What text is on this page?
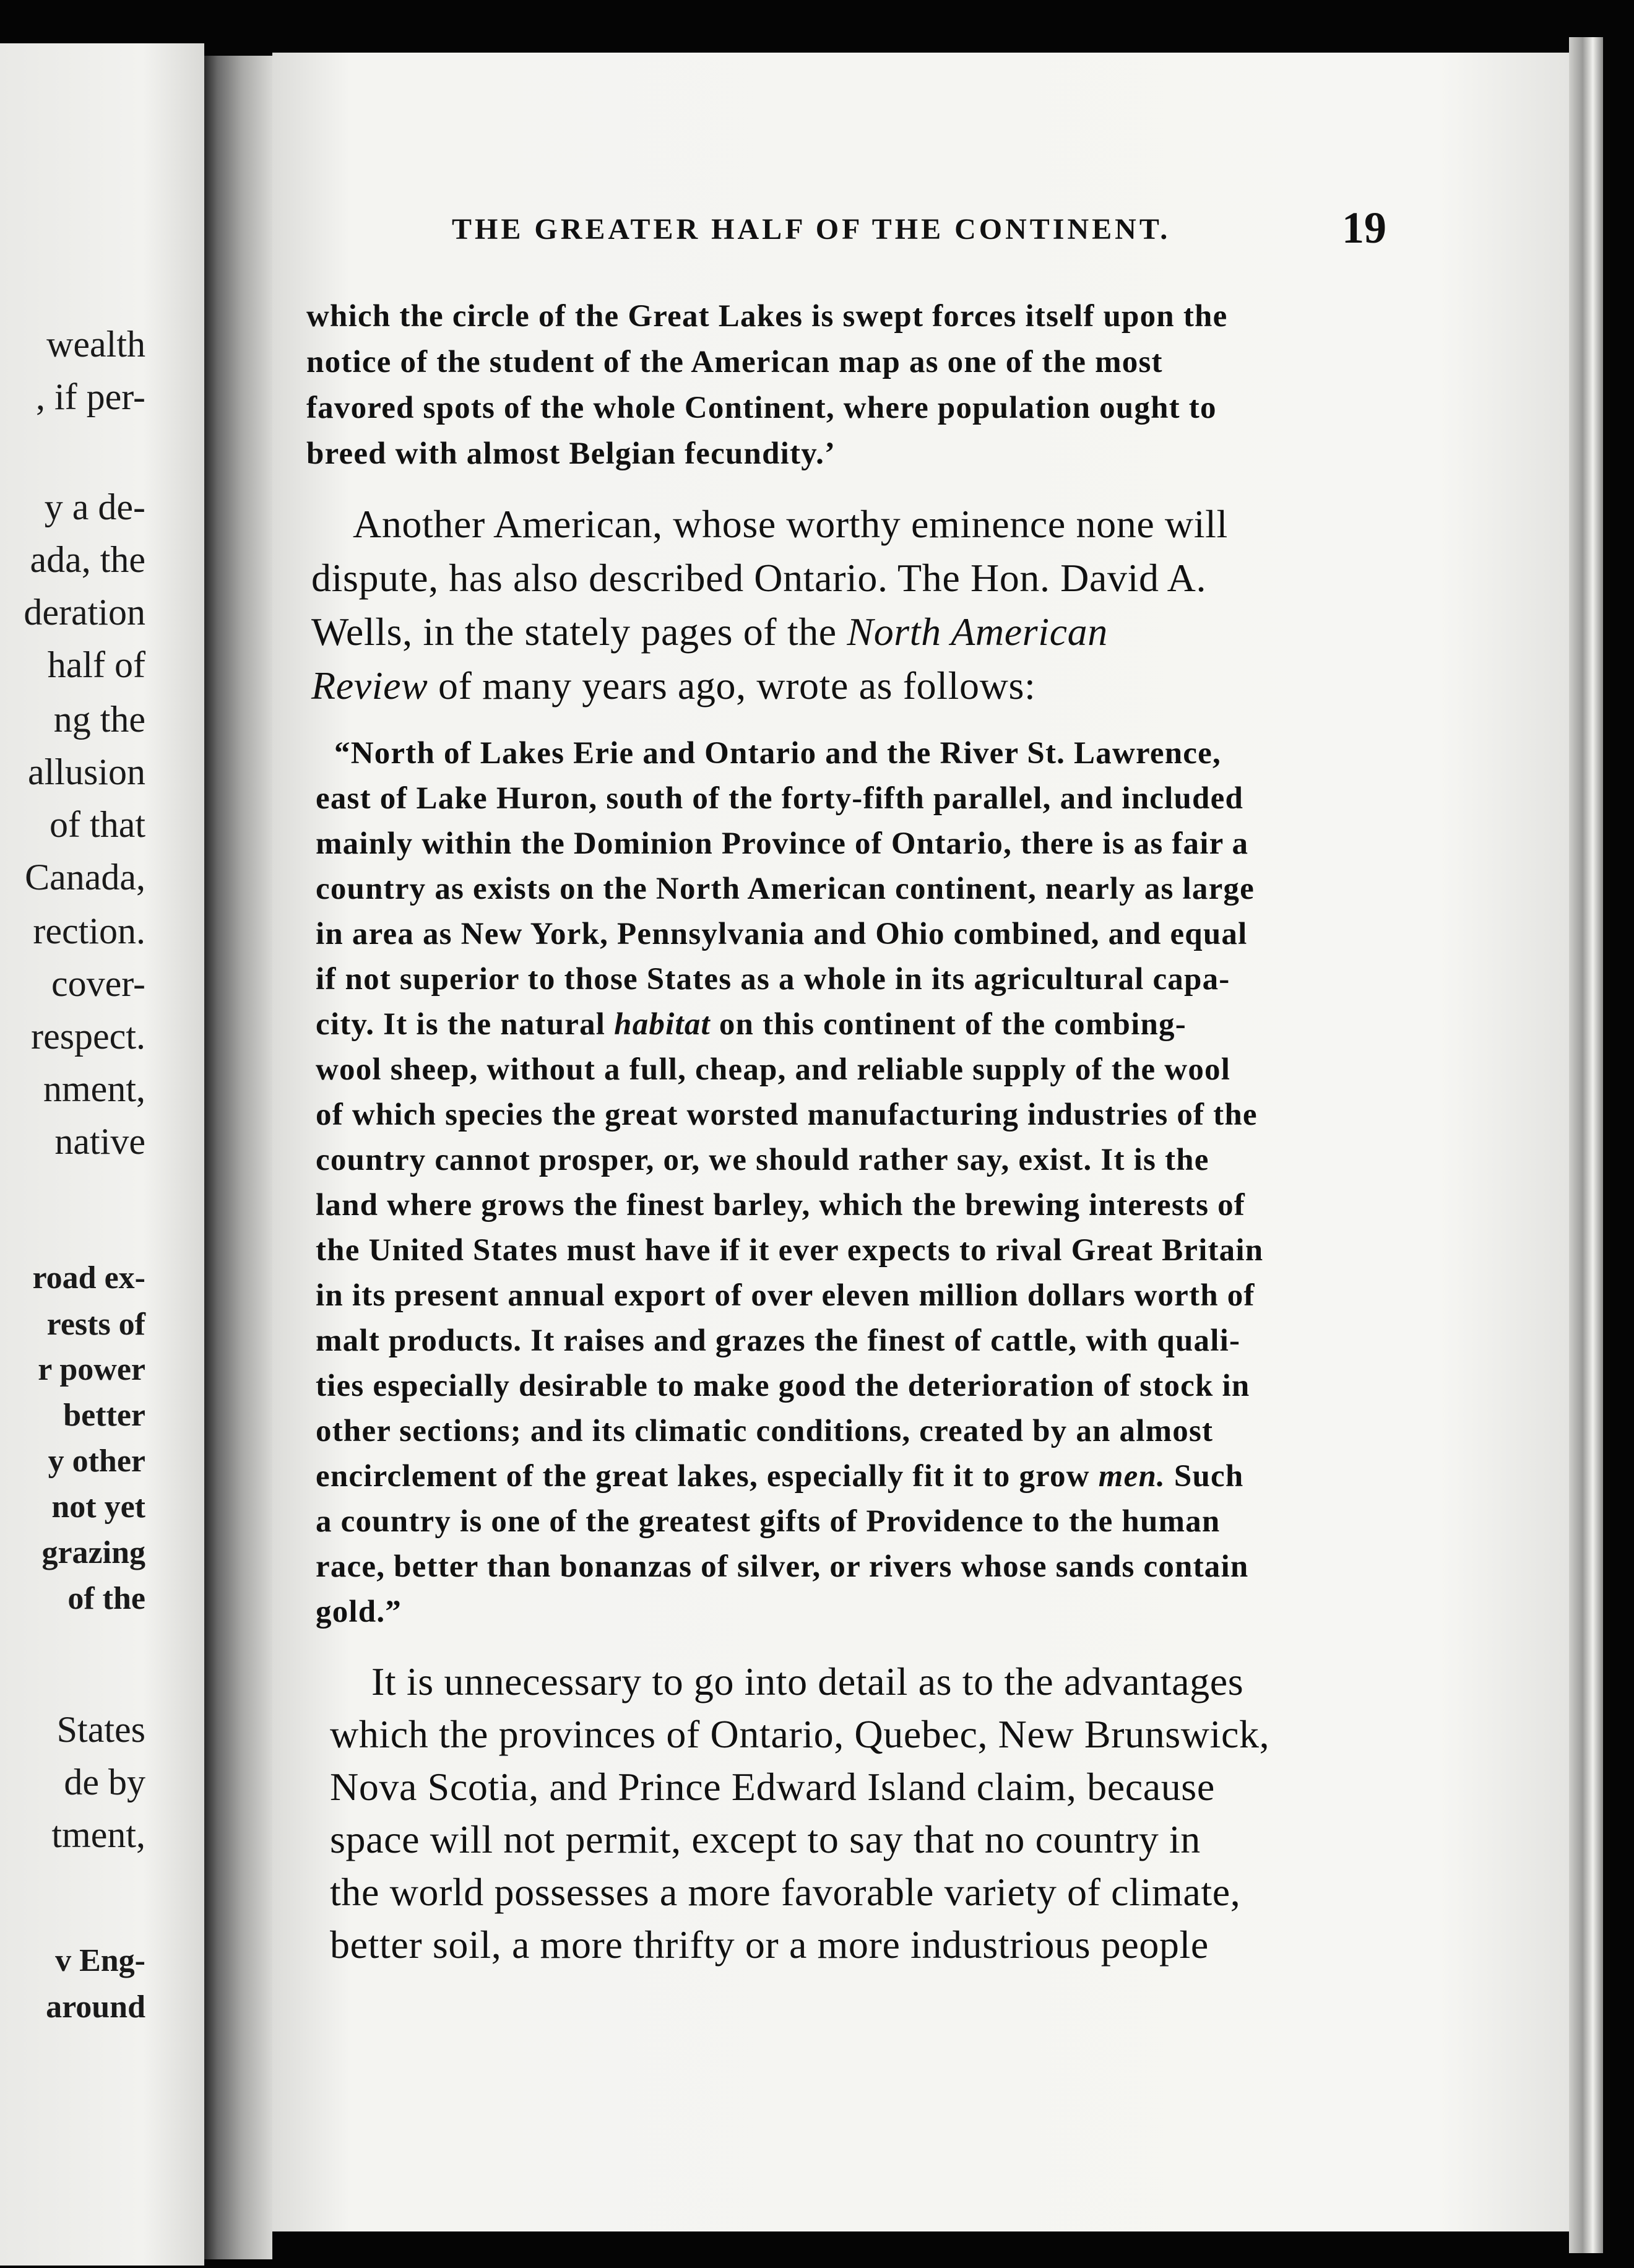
wealth
, if per-
y a de-
ada, the
deration
half of
ng the
allusion
of that
Canada,
rection.
cover-
respect.
nment,
native
road ex-
rests of
r power
better
y other
not yet
grazing
of the
States
de by
tment,
v Eng-
around
THE GREATER HALF OF THE CONTINENT.	19
which the circle of the Great Lakes is swept forces itself upon the
notice of the student of the American map as one of the most
favored spots of the whole Continent, where population ought to
breed with almost Belgian fecundity.’
Another American, whose worthy eminence none will
dispute, has also described Ontario. The Hon. David A.
Wells, in the stately pages of the North American
Review of many years ago, wrote as follows:
“North of Lakes Erie and Ontario and the River St. Lawrence,
east of Lake Huron, south of the forty-fifth parallel, and included
mainly within the Dominion Province of Ontario, there is as fair a
country as exists on the North American continent, nearly as large
in area as New York, Pennsylvania and Ohio combined, and equal
if not superior to those States as a whole in its agricultural capa-
city. It is the natural habitat on this continent of the combing-
wool sheep, without a full, cheap, and reliable supply of the wool
of which species the great worsted manufacturing industries of the
country cannot prosper, or, we should rather say, exist. It is the
land where grows the finest barley, which the brewing interests of
the United States must have if it ever expects to rival Great Britain
in its present annual export of over eleven million dollars worth of
malt products. It raises and grazes the finest of cattle, with quali-
ties especially desirable to make good the deterioration of stock in
other sections; and its climatic conditions, created by an almost
encirclement of the great lakes, especially fit it to grow men. Such
a country is one of the greatest gifts of Providence to the human
race, better than bonanzas of silver, or rivers whose sands contain
gold.”
It is unnecessary to go into detail as to the advantages
which the provinces of Ontario, Quebec, New Brunswick,
Nova Scotia, and Prince Edward Island claim, because
space will not permit, except to say that no country in
the world possesses a more favorable variety of climate,
better soil, a more thrifty or a more industrious people
